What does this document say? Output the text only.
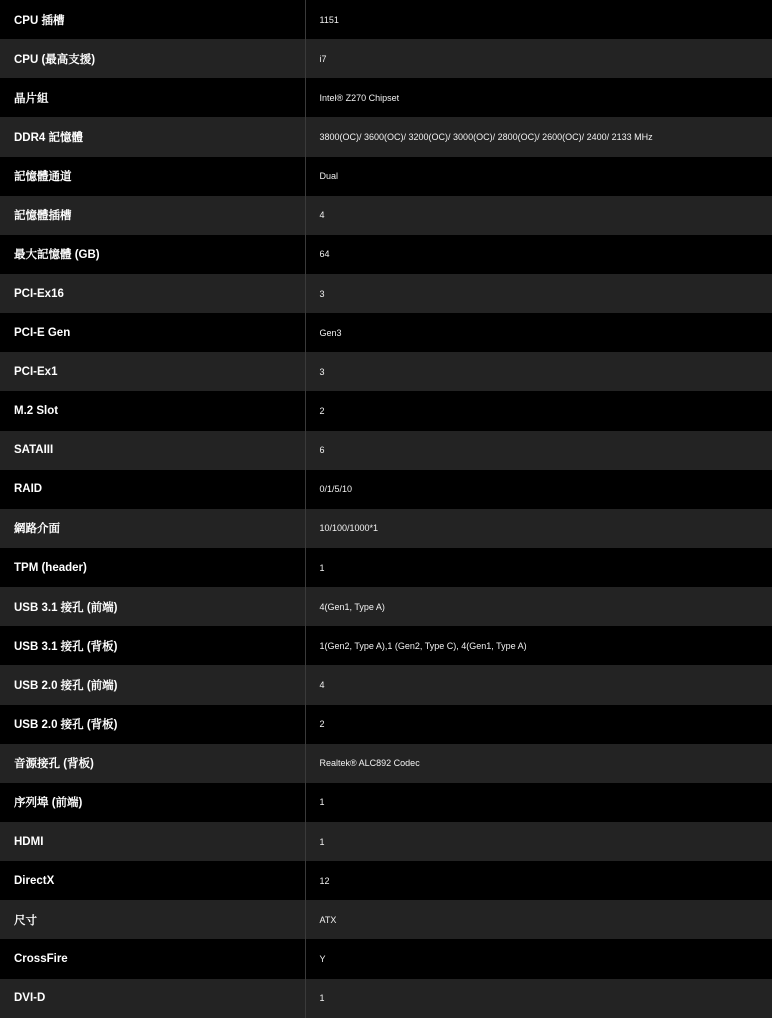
CPU 插槽	1151
CPU (最高支援)	i7
晶片組	Intel® Z270 Chipset
DDR4 記憶體	3800(OC)/ 3600(OC)/ 3200(OC)/ 3000(OC)/ 2800(OC)/ 2600(OC)/ 2400/ 2133 MHz
記憶體通道	Dual
記憶體插槽	4
最大記憶體 (GB)	64
PCI-Ex16	3
PCI-E Gen	Gen3
PCI-Ex1	3
M.2 Slot	2
SATAIII	6
RAID	0/1/5/10
網路介面	10/100/1000*1
TPM (header)	1
USB 3.1 接孔 (前端)	4(Gen1, Type A)
USB 3.1 接孔 (背板)	1(Gen2, Type A),1 (Gen2, Type C), 4(Gen1, Type A)
USB 2.0 接孔 (前端)	4
USB 2.0 接孔 (背板)	2
音源接孔 (背板)	Realtek® ALC892 Codec
序列埠 (前端)	1
HDMI	1
DirectX	12
尺寸	ATX
CrossFire	Y
DVI-D	1
